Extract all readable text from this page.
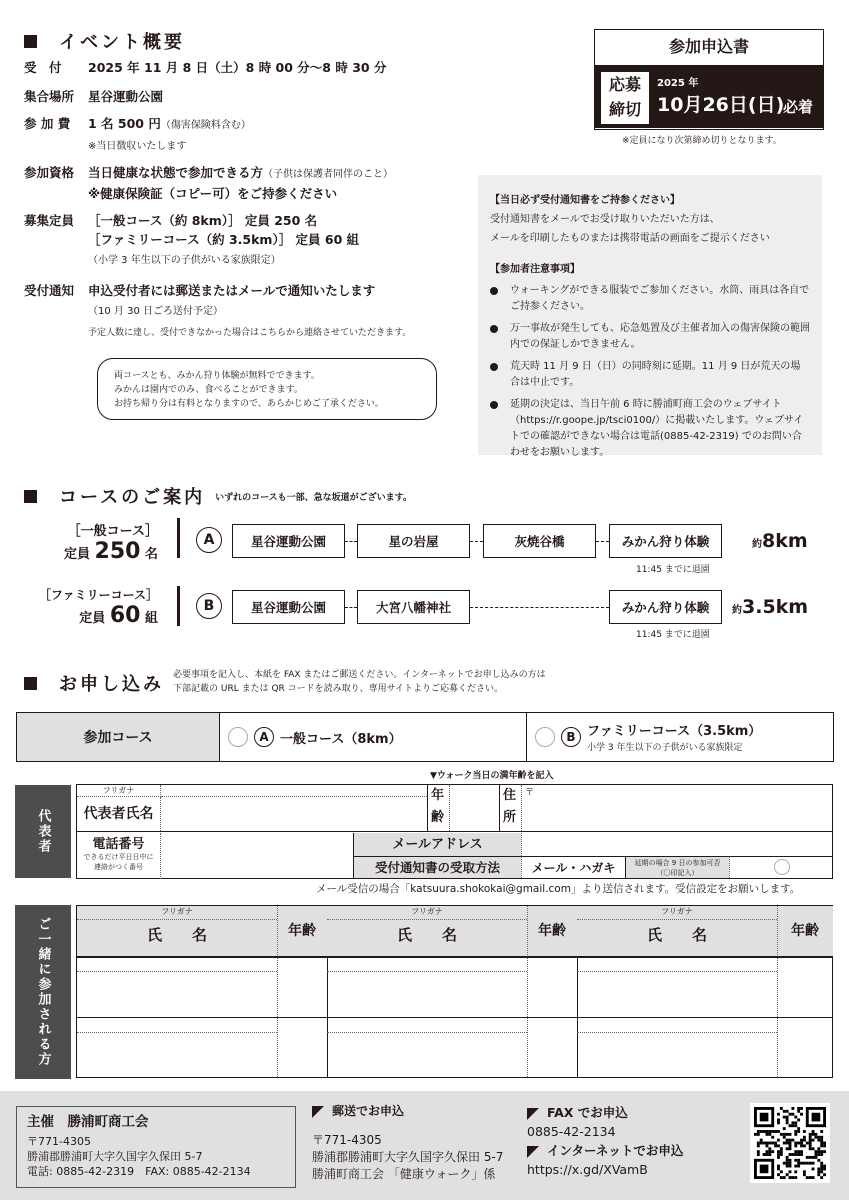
イベント概要
受　付	2025 年 11 月 8 日（土）8 時 00 分〜8 時 30 分
集合場所	星谷運動公園
参 加 費	1 名 500 円（傷害保険料含む）
※当日徴収いたします
参加資格	当日健康な状態で参加できる方（子供は保護者同伴のこと）
※健康保険証（コピー可）をご持参ください
募集定員	［一般コース（約 8km）］ 定員 250 名
［ファミリーコース（約 3.5km）］ 定員 60 組
（小学 3 年生以下の子供がいる家族限定）
受付通知	申込受付者には郵送またはメールで通知いたします
（10 月 30 日ごろ送付予定）
予定人数に達し、受付できなかった場合はこちらから連絡させていただきます。
両コースとも、みかん狩り体験が無料でできます。
みかんは園内でのみ、食べることができます。
お持ち帰り分は有料となりますので、あらかじめご了承ください。
参加申込書
応募
締切
2025 年
10月26日(日)
必着
※定員になり次第締め切りとなります。
【当日必ず受付通知書をご持参ください】
受付通知書をメールでお受け取りいただいた方は、
メールを印刷したものまたは携帯電話の画面をご提示ください
【参加者注意事項】
ウォーキングができる服装でご参加ください。水筒、雨具は各自でご持参ください。
万一事故が発生しても、応急処置及び主催者加入の傷害保険の範囲内での保証しかできません。
荒天時 11 月 9 日（日）の同時刻に延期。11 月 9 日が荒天の場合は中止です。
延期の決定は、当日午前 6 時に勝浦町商工会のウェブサイト（https://r.goope.jp/tsci0100/）に掲載いたします。ウェブサイトでの確認ができない場合は電話(0885-42-2319) でのお問い合わせをお願いします。
コースのご案内 いずれのコースも一部、急な坂道がございます。
［一般コース］
定員 250 名
A	星谷運動公園	星の岩屋	灰焼谷橋	みかん狩り体験
11:45 までに退園
約8km
［ファミリーコース］
定員 60 組
B	星谷運動公園	大宮八幡神社	みかん狩り体験
11:45 までに退園
約3.5km
お申し込み 必要事項を記入し、本紙を FAX またはご郵送ください。インターネットでお申し込みの方は
下部記載の URL または QR コードを読み取り、専用サイトよりご応募ください。
参加コース	A 一般コース（8km）	B ファミリーコース（3.5km）
小学 3 年生以下の子供がいる家族限定
▼ウォーク当日の満年齢を記入
代表者
フリガナ
代表者氏名
年
齢
住
所
〒
電話番号
できるだけ平日日中に
連絡がつく番号
メールアドレス
受付通知書の受取方法	メール・ハガキ	延期の場合 9 日の参加可否
（〇印記入）
メール受信の場合「katsuura.shokokai@gmail.com」より送信されます。受信設定をお願いします。
ご一緒に参加される方
フリガナ
氏　　名	年齢
フリガナ
氏　　名	年齢
フリガナ
氏　　名	年齢
主催　 勝浦町商工会
〒771-4305
勝浦郡勝浦町大字久国字久保田 5-7
電話: 0885-42-2319　FAX: 0885-42-2134
郵送でお申込
〒771-4305
勝浦郡勝浦町大字久国字久保田 5-7
勝浦町商工会 「健康ウォーク」係
FAX でお申込
0885-42-2134
インターネットでお申込
https://x.gd/XVamB
